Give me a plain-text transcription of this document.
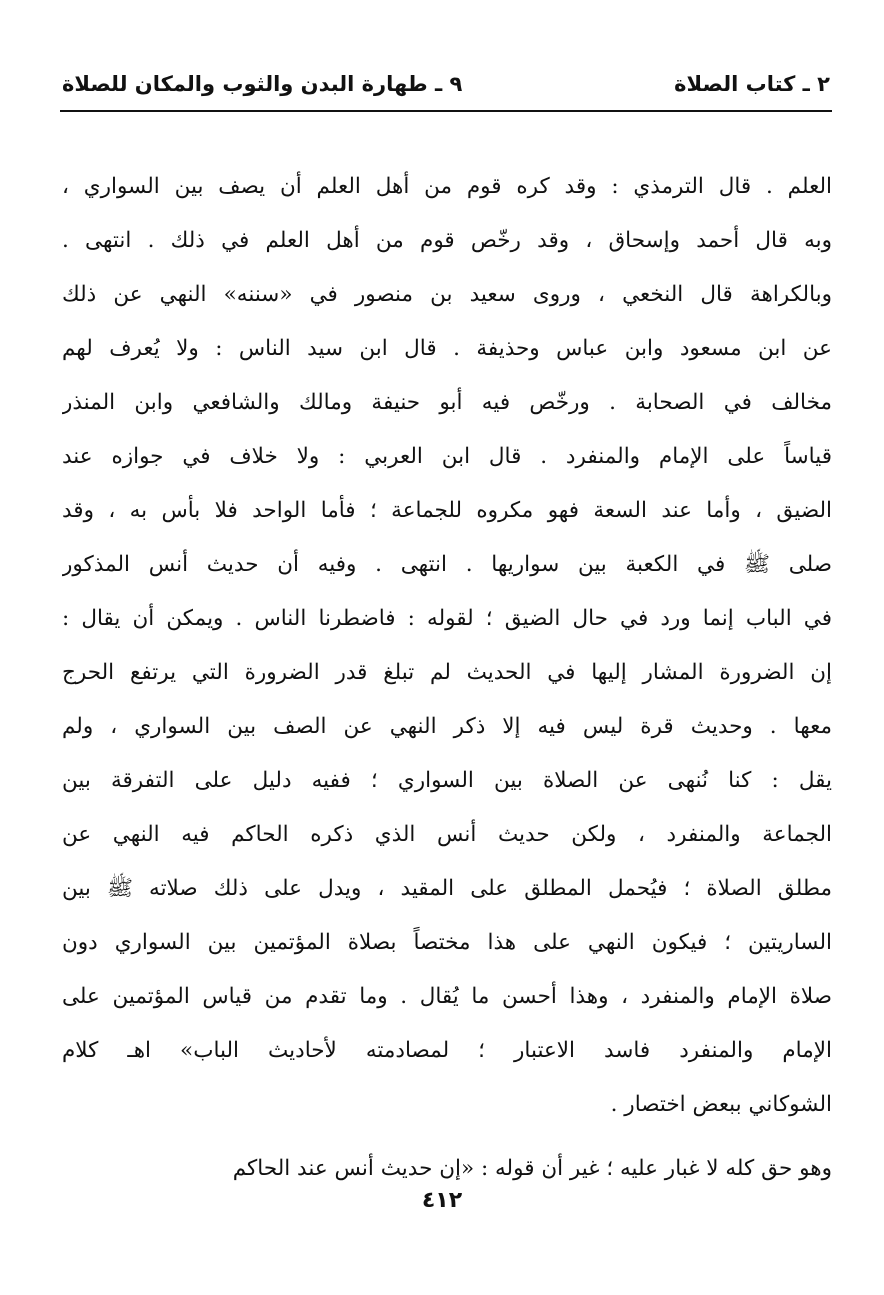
٢ ـ كتاب الصلاة
٩ ـ طهارة البدن والثوب والمكان للصلاة
العلم . قال الترمذي : وقد كره قوم من أهل العلم أن يصف بين السواري ،
وبه قال أحمد وإسحاق ، وقد رخّص قوم من أهل العلم في ذلك . انتهى .
وبالكراهة قال النخعي ، وروى سعيد بن منصور في «سننه» النهي عن ذلك
عن ابن مسعود وابن عباس وحذيفة . قال ابن سيد الناس : ولا يُعرف لهم
مخالف في الصحابة . ورخّص فيه أبو حنيفة ومالك والشافعي وابن المنذر
قياساً على الإمام والمنفرد . قال ابن العربي : ولا خلاف في جوازه عند
الضيق ، وأما عند السعة فهو مكروه للجماعة ؛ فأما الواحد فلا بأس به ، وقد
صلى ﷺ في الكعبة بين سواريها . انتهى . وفيه أن حديث أنس المذكور
في الباب إنما ورد في حال الضيق ؛ لقوله : فاضطرنا الناس . ويمكن أن يقال :
إن الضرورة المشار إليها في الحديث لم تبلغ قدر الضرورة التي يرتفع الحرج
معها . وحديث قرة ليس فيه إلا ذكر النهي عن الصف بين السواري ، ولم
يقل : كنا نُنهى عن الصلاة بين السواري ؛ ففيه دليل على التفرقة بين
الجماعة والمنفرد ، ولكن حديث أنس الذي ذكره الحاكم فيه النهي عن
مطلق الصلاة ؛ فيُحمل المطلق على المقيد ، ويدل على ذلك صلاته ﷺ بين
الساريتين ؛ فيكون النهي على هذا مختصاً بصلاة المؤتمين بين السواري دون
صلاة الإمام والمنفرد ، وهذا أحسن ما يُقال . وما تقدم من قياس المؤتمين على
الإمام والمنفرد فاسد الاعتبار ؛ لمصادمته لأحاديث الباب» اهـ كلام
الشوكاني ببعض اختصار .
وهو حق كله لا غبار عليه ؛ غير أن قوله : «إن حديث أنس عند الحاكم
٤١٢
